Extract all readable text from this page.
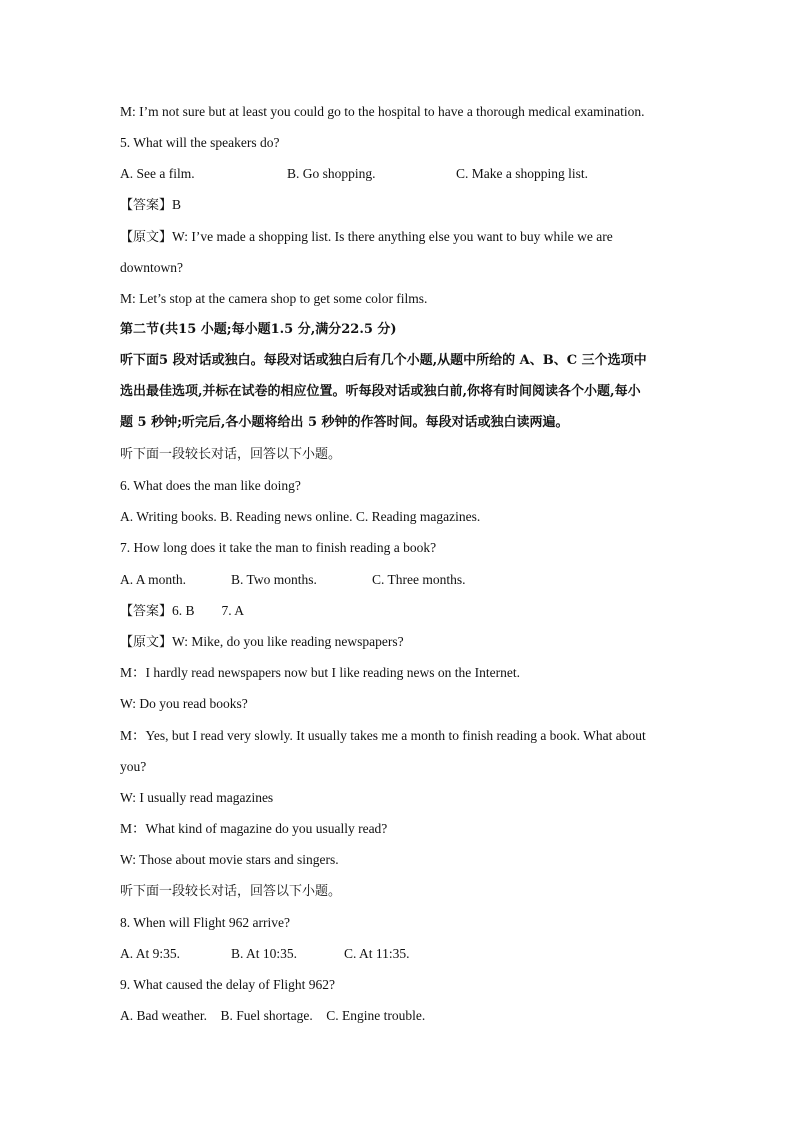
M: I’m not sure but at least you could go to the hospital to have a thorough medical examination.
5. What will the speakers do?
A. See a film.	B. Go shopping.	C. Make a shopping list.
【答案】B
【原文】W: I’ve made a shopping list. Is there anything else you want to buy while we are
downtown?
M: Let’s stop at the camera shop to get some color films.
第二节(共15 小题;每小题1.5 分,满分22.5 分)
听下面5 段对话或独白。每段对话或独白后有几个小题,从题中所给的 A、B、C 三个选项中
选出最佳选项,并标在试卷的相应位置。听每段对话或独白前,你将有时间阅读各个小题,每小
题 5 秒钟;听完后,各小题将给出 5 秒钟的作答时间。每段对话或独白读两遍。
听下面一段较长对话，回答以下小题。
6. What does the man like doing?
A. Writing books. B. Reading news online. C. Reading magazines.
7. How long does it take the man to finish reading a book?
A. A month.	B. Two months.	C. Three months.
【答案】6. B        7. A
【原文】W: Mike, do you like reading newspapers?
M：I hardly read newspapers now but I like reading news on the Internet.
W: Do you read books?
M：Yes, but I read very slowly. It usually takes me a month to finish reading a book. What about
you?
W: I usually read magazines
M：What kind of magazine do you usually read?
W: Those about movie stars and singers.
听下面一段较长对话，回答以下小题。
8. When will Flight 962 arrive?
A. At 9:35.	B. At 10:35.	C. At 11:35.
9. What caused the delay of Flight 962?
A. Bad weather.    B. Fuel shortage.    C. Engine trouble.
